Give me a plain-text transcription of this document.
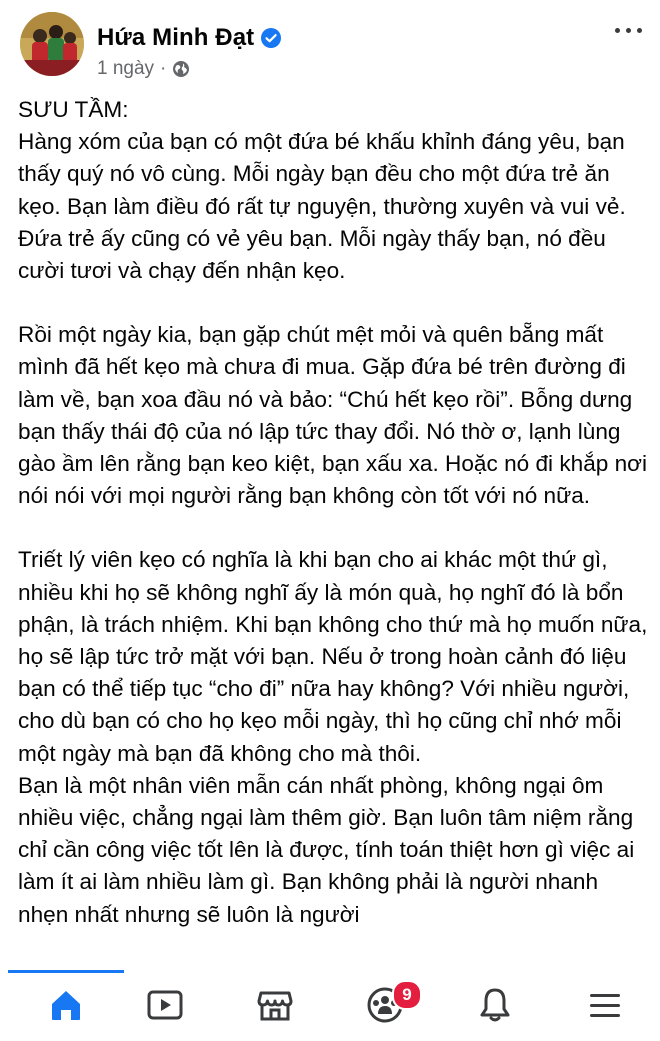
Hứa Minh Đạt
1 ngày ·

SƯU TẦM:
Hàng xóm của bạn có một đứa bé khấu khỉnh đáng yêu, bạn thấy quý nó vô cùng. Mỗi ngày bạn đều cho một đứa trẻ ăn kẹo. Bạn làm điều đó rất tự nguyện, thường xuyên và vui vẻ. Đứa trẻ ấy cũng có vẻ yêu bạn. Mỗi ngày thấy bạn, nó đều cười tươi và chạy đến nhận kẹo.

Rồi một ngày kia, bạn gặp chút mệt mỏi và quên bẵng mất mình đã hết kẹo mà chưa đi mua. Gặp đứa bé trên đường đi làm về, bạn xoa đầu nó và bảo: “Chú hết kẹo rồi”. Bỗng dưng bạn thấy thái độ của nó lập tức thay đổi. Nó thờ ơ, lạnh lùng gào ầm lên rằng bạn keo kiệt, bạn xấu xa. Hoặc nó đi khắp nơi nói nói với mọi người rằng bạn không còn tốt với nó nữa.

Triết lý viên kẹo có nghĩa là khi bạn cho ai khác một thứ gì, nhiều khi họ sẽ không nghĩ ấy là món quà, họ nghĩ đó là bổn phận, là trách nhiệm. Khi bạn không cho thứ mà họ muốn nữa, họ sẽ lập tức trở mặt với bạn. Nếu ở trong hoàn cảnh đó liệu bạn có thể tiếp tục “cho đi” nữa hay không? Với nhiều người, cho dù bạn có cho họ kẹo mỗi ngày, thì họ cũng chỉ nhớ mỗi một ngày mà bạn đã không cho mà thôi.
Bạn là một nhân viên mẫn cán nhất phòng, không ngại ôm nhiều việc, chẳng ngại làm thêm giờ. Bạn luôn tâm niệm rằng chỉ cần công việc tốt lên là được, tính toán thiệt hơn gì việc ai làm ít ai làm nhiều làm gì. Bạn không phải là người nhanh nhẹn nhất nhưng sẽ luôn là người

9
